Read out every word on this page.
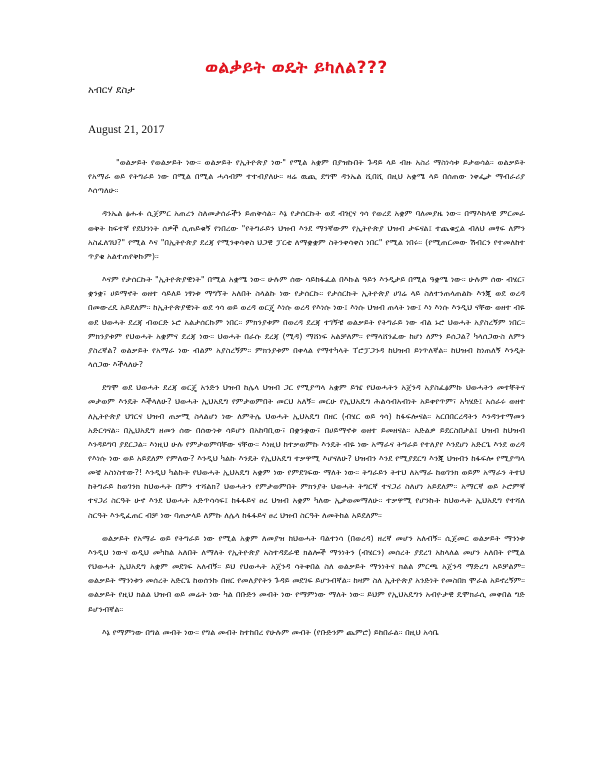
ወልቃይት ወዴት ይካለል???
አብርሃ ደስታ
August 21, 2017

"ወልቃይት የወልቃይት ነው። ወልቃይት የኢትዮጵያ ነው" የሚል አቋም በያዝኩበት ጉዳይ ላይ ብዙ አስሪ ማስነሳቱ ይታወሳል። ወልቃይት የአማራ ወይ የትግራይ ነው በሚል በሚል ሓሳብም ተተብያለሁ። ዛሬ ዉጪ ደግሞ ዳንኤል ሺበሺ በዚህ አቋሜ ላይ በሰጠው ነቀፌታ ማብራሪያ እሰጣለሁ።

ዳንኤል ፅሑፉ ሲጀምር አጠረን ስለመታሰራችን ይጠቅሳል። እኔ የታሰርኩት ወደ ብዢና ጎሳ የወረደ አቋም ባለመያዜ ነው። በማእከላዊ ምርመራ ወቅት ከፍተኛ የደህንነት ሰዎች ሲጠይቁኝ የነበረው "የትግራይን ህዝብ እንደ ማንኛውም የኢትዮጵያ ህዝብ ታፍናል፤ ተጨቁኗል ብለህ መፃፍ ለምን አስፈለገህ?" የሚል እና "በኢትዮጵያ ደረጃ የሚንቀሳቀስ ህጋዊ ፓርቲ ለማቋቋም ስትንቀሳቀስ ነበር" የሚል ነበሩ። (የሚጠርመው ሽብርን የተመለከተ ጥያቄ አልተጠየቅኩም)።

እናም የታሰርኩት "ኢትዮጵያዊነት" በሚል አቋሜ ነው። ሁሉም ሰው ሳይከፋፈል በእኩል ዓይን እንዲታይ በሚል ዓቋሜ ነው። ሁሉም ሰው ብሄር፣ ቋንቋ፣ ሀይማኖት ወዘተ ሳይለይ ነፃነቱ ማግኘት አለበት ስላልኩ ነው የታሰርኩ። የታሰርኩት ኢትዮጵያ ሀገሬ ላይ ስለተንጠላጠልኩ እንጂ ወደ ወረዳ በመውረዴ አይደለም። ከኢትዮጵያዊነት ወደ ጎሳ ወይ ወረዳ ወርጄ እነሱ ወረዳ የእነሱ ነው፤ እነሱ ህዝብ ጠላት ነው፤ እነ እነሱ እንዲህ ናቸው ወዘተ ብዬ ወደ ህወሓት ደረጃ ብወርድ ኑሮ አልታሰርኩም ነበር። ምክንያቱም በወረዳ ደረጃ ተገኝቼ ወልቃይት የትግራይ ነው ብል ኑሮ ህወሓት አያስረኝም ነበር። ምክንያቱም የህወሓት አቋምና ደረጃ ነው። ህወሓት በራሱ ደረጃ (ሚዳ) ማሸነፍ አልቻለም። የማላሸንፈው ከሆነ ለምን ይሰጋል? ካላሰጋውስ ለምን ያስረኛል? ወልቃይት የአማራ ነው ብልም አያስረኝም። ምክንያቱም በቀላል የማተካላት ፐሮፓጋንዳ ከህዝብ ይነጥለኛል። ከህዝብ ከነጠለኝ እንዲት ላሰጋው እችላለሁ?

ደግሞ ወደ ህወሓት ደረጃ ወርጄ አንድን ህዝብ ከሌላ ህዝብ ጋር የሚያጣላ አቋም ይዤ የህወሓትን አጀንዳ አያስፈፅምኩ ህወሓትን መተቸትና መታወም እንዴት እችላለሁ? ህወሓት ኢህአዴግ የምታወምበት መርህ አለኝ። መርሁ የኢህአዴግ ሕልሳብአብነት አይቀየጥም፣ አካሄድ፤ አሰራሩ ወዘተ ለኢትዮጵያ ህገርና ህዝብ ጠቃሚ ስላልሆነ ነው ለምትሌ ህወሓት ኢህአዴግ በዘር (ብሄር ወይ ጎሳ) ከፋፍሎናል። አርበበርረዳትን እንዳንተማመን አድርጎናል። በኢህአዴግ ዘመን ሰው በሰውነቱ ሳይሆን በአከባቢው፣ በቋንቋው፣ በሀይማኖቱ ወዘተ ይመዘናል። አድልዎ ይደርስበታል፤ ህዝብ ከህዝብ እንዳይግባ ያደርጋል። እነዚህ ሁሉ የምታወምባቸው ናቸው። እነዚህ ከተቃወምኩ እንዴት ብዬ ነው አማራና ትግራይ የተለያየ እንደሆነ አድርጌ እንደ ወረዳ የእነሱ ነው ወይ አይደለም የምለው? እንዲህ ካልኩ እንዴት የኢህአዴግ ተቃዋሚ እሆናለሁ? ህዝብን እንደ የሚያደርግ እንጂ ህዝብን ከፋፍሎ የሚያጣላ መቼ አስነስተው?! እንዲህ ካልኩት የህወሓት ኢህአዴግ አቋም ነው የምደገፍው ማለት ነው። ትግራይን ትተህ ለአማራ ከወገንክ ወይም አማራን ትተህ ከትግራይ ከወገንክ ከህወሓት በምን ተሻልክ? ህወሓትን የምታወምበት ምክንያት ህወሓት ትግርኛ ተናጋሪ ስለሆነ አይደለም። አማርኛ ወይ ኦሮምኛ ተናጋሪ ስርዓት ሁኖ እንደ ህወሓት አድጥሳሳፍ፤ ከፋፋይና ፀረ ህዝብ አቋም ካለው ኢታወመማለሁ። ተቃዋሚ የሆንኩት ከህወሓት ኢህአዴግ የተሻለ ስርዓት እንዲፈጠር ብቻ ነው ባጠቃላይ ለምኩ ለሌላ ከፋፋይና ፀረ ህዝብ ስርዓት ለመትከል አይደለም።

ወልቃይት የአማራ ወይ የትግራይ ነው የሚል አቋም ለመያዝ ከህወሓት ባልተነሳ (በወረዳ) ዘረኛ መሆን አለብኝ። ሲጀመር ወልቃይት ማንነቱ እንዲህ ነውና ወዲህ መካከል አለበት ለማለት የኢትዮጵያ አስተዳደራዊ ክልሎች ማንነትን (ብሄርን) መሰረት ያደረገ አከላለል መሆን አለበት የሚል የህወሓት ኢህአዴግ አቋም መደገፍ አለብኝ። ይህ የህወሓት አጀንዳ ሳትቀበል ስለ ወልቃይት ማንነትና ክልል ምርጫ አጀንዳ ማድረግ አይቻልም። ወልቃይት ማንነቱን መሰረት አድርጌ ከወሰንኩ በዘር የመለያየትን ጉዳይ መደገፍ ይሆንብኛል። ከዛም ስለ ኢትዮጵያ አንድነት የመስበክ ሞራል አይኖረኝም። ወልቃይት የዚህ ክልል ህዝብ ወይ መሬት ነው ካል በቡድን መብት ነው የማምነው ማለት ነው። ይህም የኢህአዴግን አብዮታዊ ዴሞክራሲ መቀበል ግድ ይሆንብኛል።

እኔ የማምነው በግል መብት ነው። የግል መብት ከተከበረ የሁሉም መብት (የቡድንም ጨምሮ) ይከበራል። በዚህ አሳቤ
